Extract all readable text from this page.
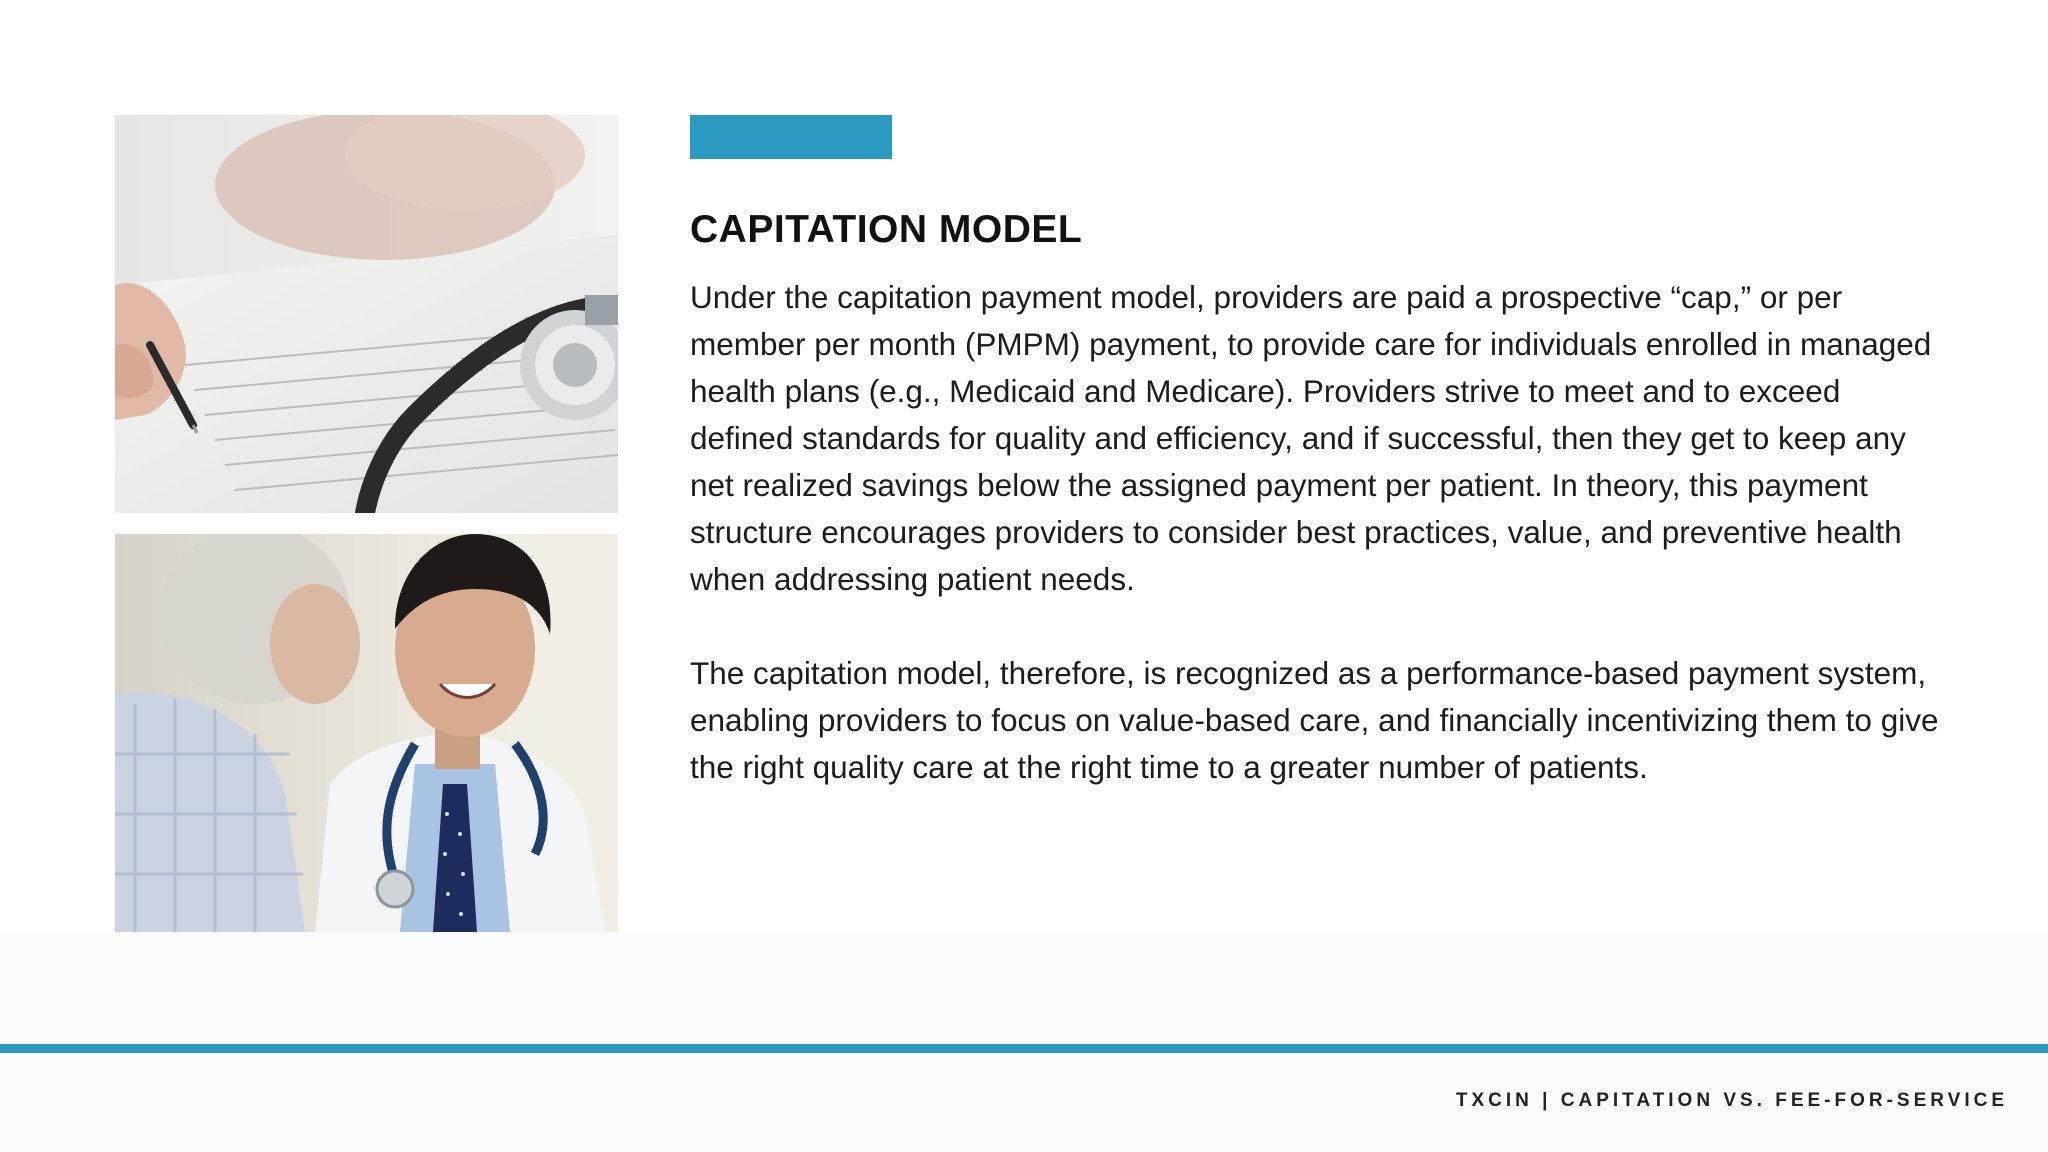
CAPITATION MODEL

Under the capitation payment model, providers are paid a prospective “cap,” or per member per month (PMPM) payment, to provide care for individuals enrolled in managed health plans (e.g., Medicaid and Medicare). Providers strive to meet and to exceed defined standards for quality and efficiency, and if successful, then they get to keep any net realized savings below the assigned payment per patient. In theory, this payment structure encourages providers to consider best practices, value, and preventive health when addressing patient needs.

The capitation model, therefore, is recognized as a performance-based payment system, enabling providers to focus on value-based care, and financially incentivizing them to give the right quality care at the right time to a greater number of patients.

TXCIN | CAPITATION VS. FEE-FOR-SERVICE
